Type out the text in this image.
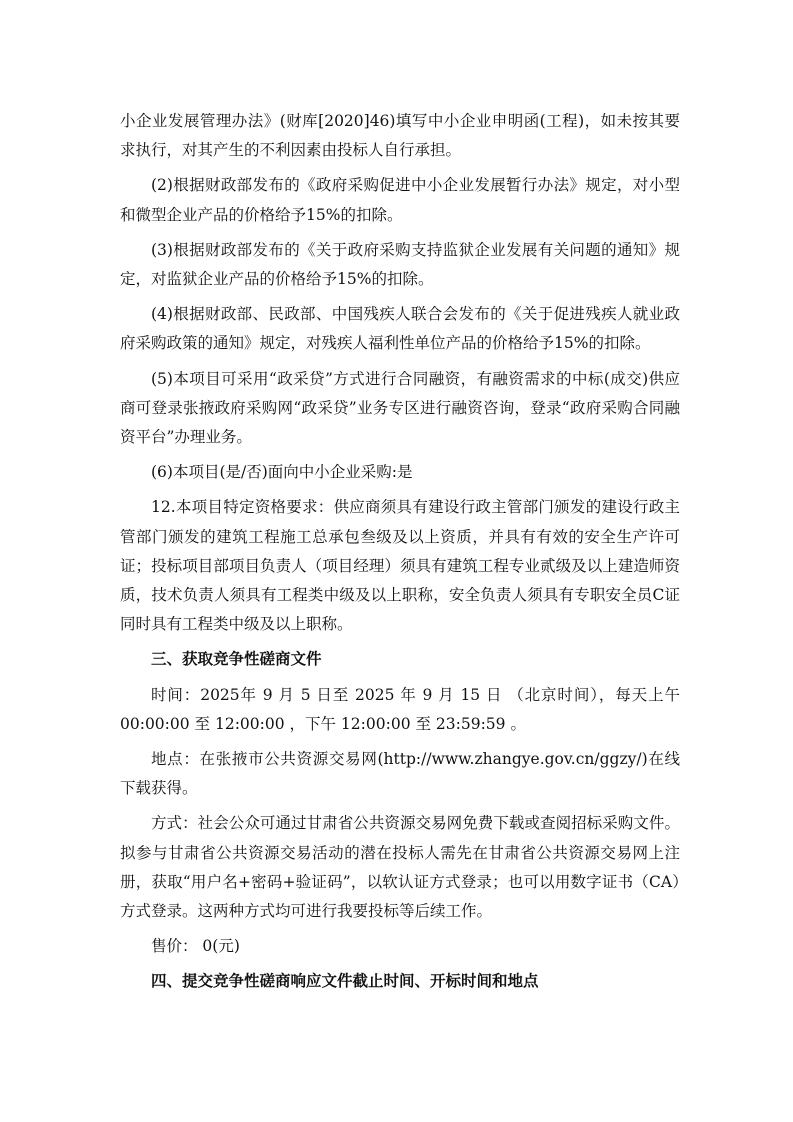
小企业发展管理办法》(财库[2020]46)填写中小企业申明函(工程)，如未按其要求执行，对其产生的不利因素由投标人自行承担。

(2)根据财政部发布的《政府采购促进中小企业发展暂行办法》规定，对小型和微型企业产品的价格给予15%的扣除。

(3)根据财政部发布的《关于政府采购支持监狱企业发展有关问题的通知》规定，对监狱企业产品的价格给予15%的扣除。

(4)根据财政部、民政部、中国残疾人联合会发布的《关于促进残疾人就业政府采购政策的通知》规定，对残疾人福利性单位产品的价格给予15%的扣除。

(5)本项目可采用“政采贷”方式进行合同融资，有融资需求的中标(成交)供应商可登录张掖政府采购网“政采贷”业务专区进行融资咨询，登录“政府采购合同融资平台”办理业务。

(6)本项目(是/否)面向中小企业采购:是

12.本项目特定资格要求：供应商须具有建设行政主管部门颁发的建设行政主管部门颁发的建筑工程施工总承包叁级及以上资质，并具有有效的安全生产许可证；投标项目部项目负责人（项目经理）须具有建筑工程专业贰级及以上建造师资质，技术负责人须具有工程类中级及以上职称，安全负责人须具有专职安全员C证同时具有工程类中级及以上职称。

三、获取竞争性磋商文件

时间：2025年 9 月 5 日至 2025 年 9 月 15 日 （北京时间），每天上午 00:00:00 至 12:00:00 ，下午 12:00:00 至 23:59:59 。

地点：在张掖市公共资源交易网(http://www.zhangye.gov.cn/ggzy/)在线下载获得。

方式：社会公众可通过甘肃省公共资源交易网免费下载或查阅招标采购文件。拟参与甘肃省公共资源交易活动的潜在投标人需先在甘肃省公共资源交易网上注册，获取“用户名+密码+验证码”，以软认证方式登录；也可以用数字证书（CA）方式登录。这两种方式均可进行我要投标等后续工作。

售价： 0(元)

四、提交竞争性磋商响应文件截止时间、开标时间和地点
